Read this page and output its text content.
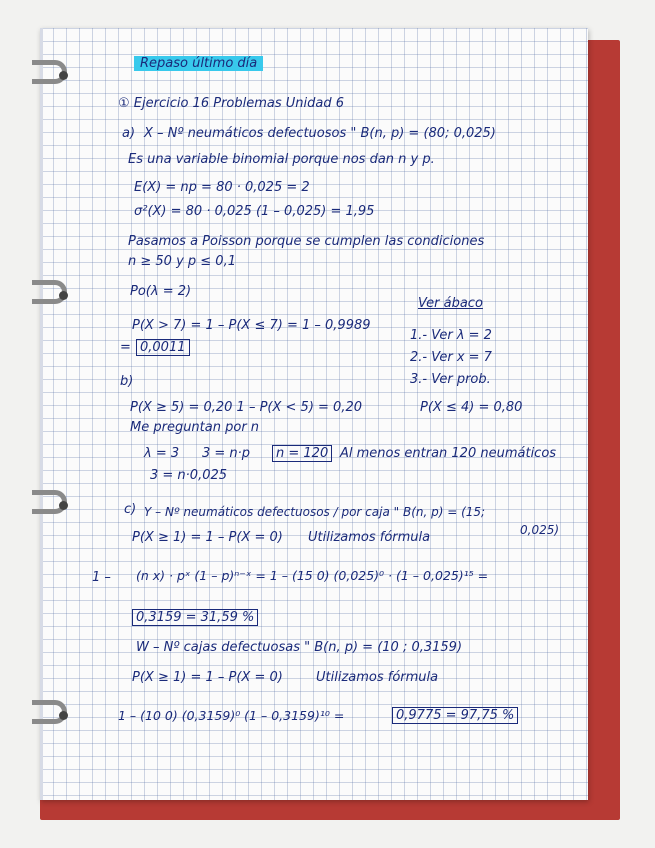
Repaso último día

① Ejercicio 16 Problemas Unidad 6

a) X – Nº neumáticos defectuosos " B(n, p) = (80; 0,025)

Es una variable binomial porque nos dan n y p.

E(X) = np = 80 · 0,025 = 2

σ²(X) = 80 · 0,025 (1 – 0,025) = 1,95

Pasamos a Poisson porque se cumplen las condiciones

n ≥ 50 y p ≤ 0,1

Po(λ = 2)

Ver ábaco

P(X > 7) = 1 – P(X ≤ 7) = 1 – 0,9989

1.- Ver λ = 2

= 0,0011

2.- Ver x = 7

3.- Ver prob.

b)

P(X ≥ 5) = 0,20 1 – P(X < 5) = 0,20	P(X ≤ 4) = 0,80

Me preguntan por n

λ = 3 3 = n·p	n = 120 Al menos entran 120 neumáticos

3 = n·0,025

c) Y – Nº neumáticos defectuosos / por caja " B(n, p) = (15;

0,025)

P(X ≥ 1) = 1 – P(X = 0) Utilizamos fórmula

1 – (n x) · pˣ (1 – p)ⁿ⁻ˣ = 1 – (15 0) (0,025)⁰ · (1 – 0,025)¹⁵ =

0,3159 = 31,59 %

W – Nº cajas defectuosas " B(n, p) = (10 ; 0,3159)

P(X ≥ 1) = 1 – P(X = 0)	Utilizamos fórmula

1 – (10 0) (0,3159)⁰ (1 – 0,3159)¹⁰ =	0,9775 = 97,75 %
